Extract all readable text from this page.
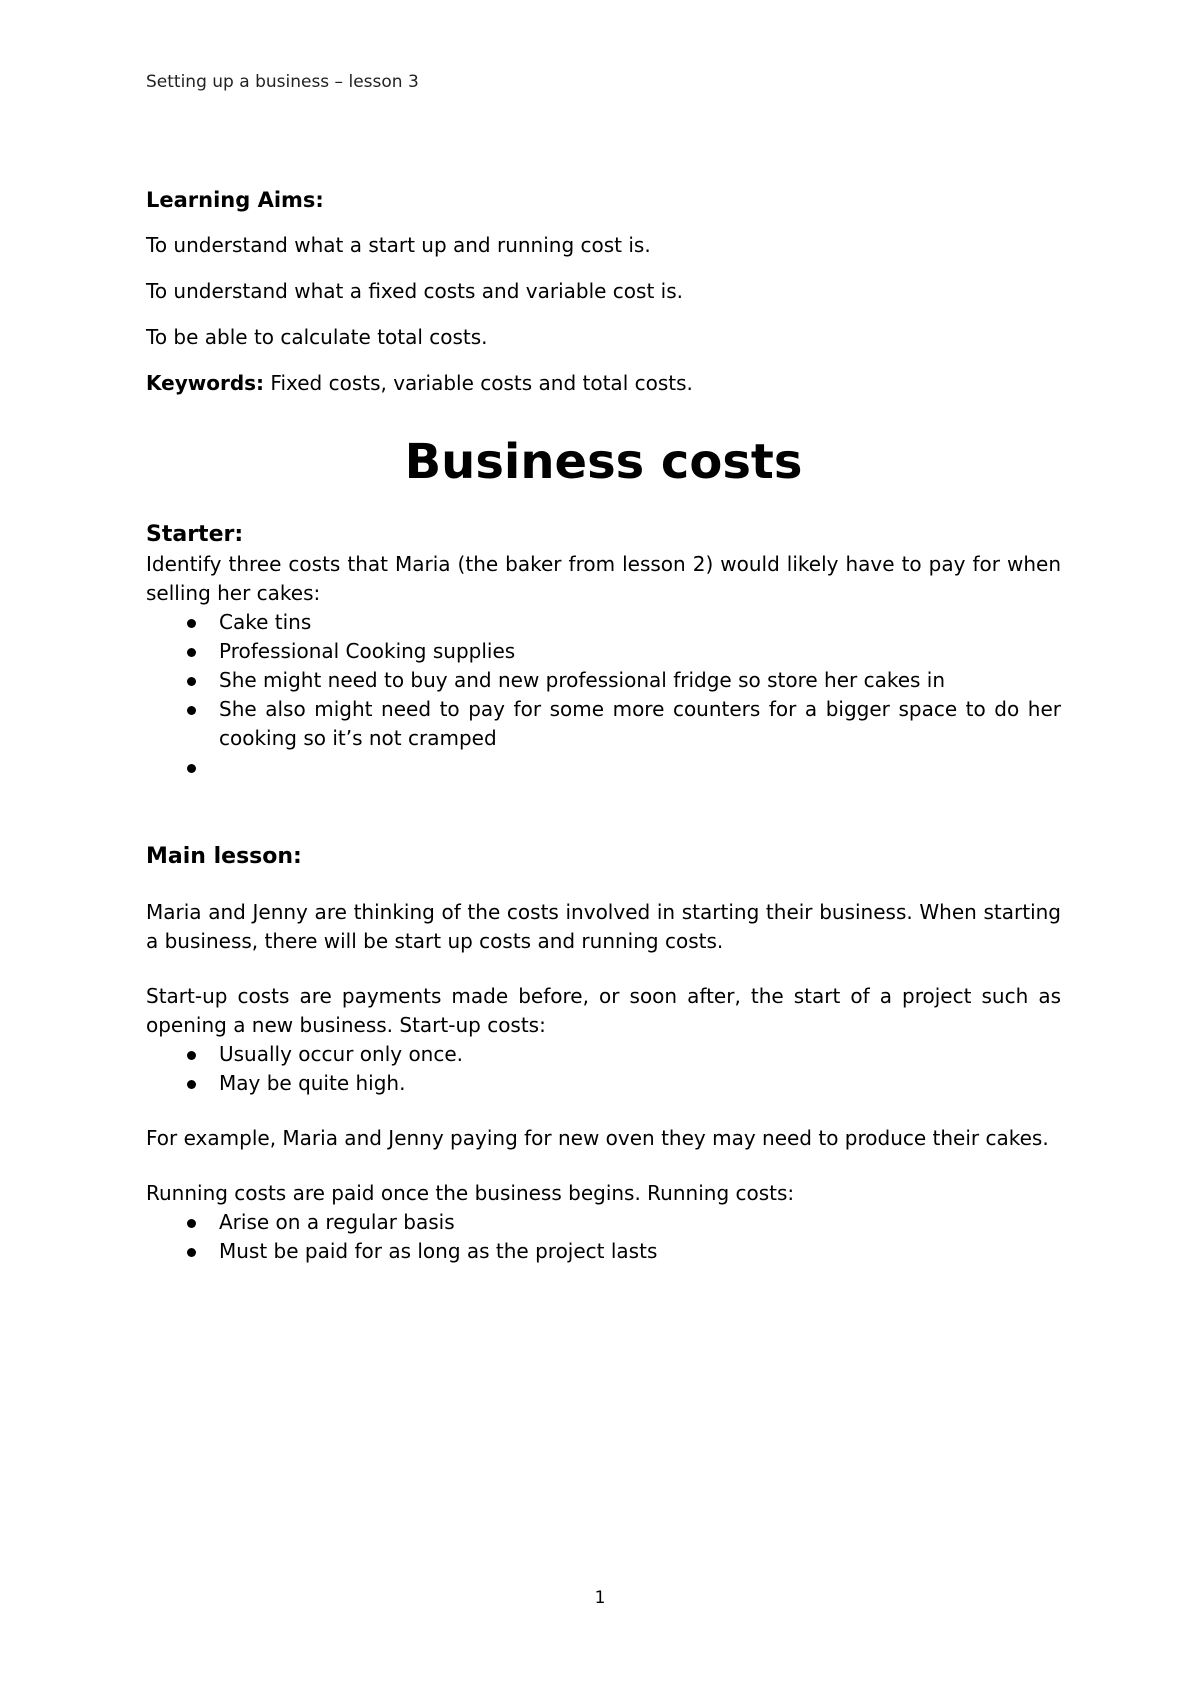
Setting up a business – lesson 3

Learning Aims:

To understand what a start up and running cost is.

To understand what a fixed costs and variable cost is.

To be able to calculate total costs.

Keywords: Fixed costs, variable costs and total costs.

Business costs
Starter:

Identify three costs that Maria (the baker from lesson 2) would likely have to pay for when selling her cakes:

Cake tins
Professional Cooking supplies
She might need to buy and new professional fridge so store her cakes in
She also might need to pay for some more counters for a bigger space to do her cooking so it’s not cramped
Main lesson:

Maria and Jenny are thinking of the costs involved in starting their business. When starting a business, there will be start up costs and running costs.

Start-up costs are payments made before, or soon after, the start of a project such as opening a new business. Start-up costs:

Usually occur only once.
May be quite high.

For example, Maria and Jenny paying for new oven they may need to produce their cakes.

Running costs are paid once the business begins. Running costs:

Arise on a regular basis
Must be paid for as long as the project lasts
1
